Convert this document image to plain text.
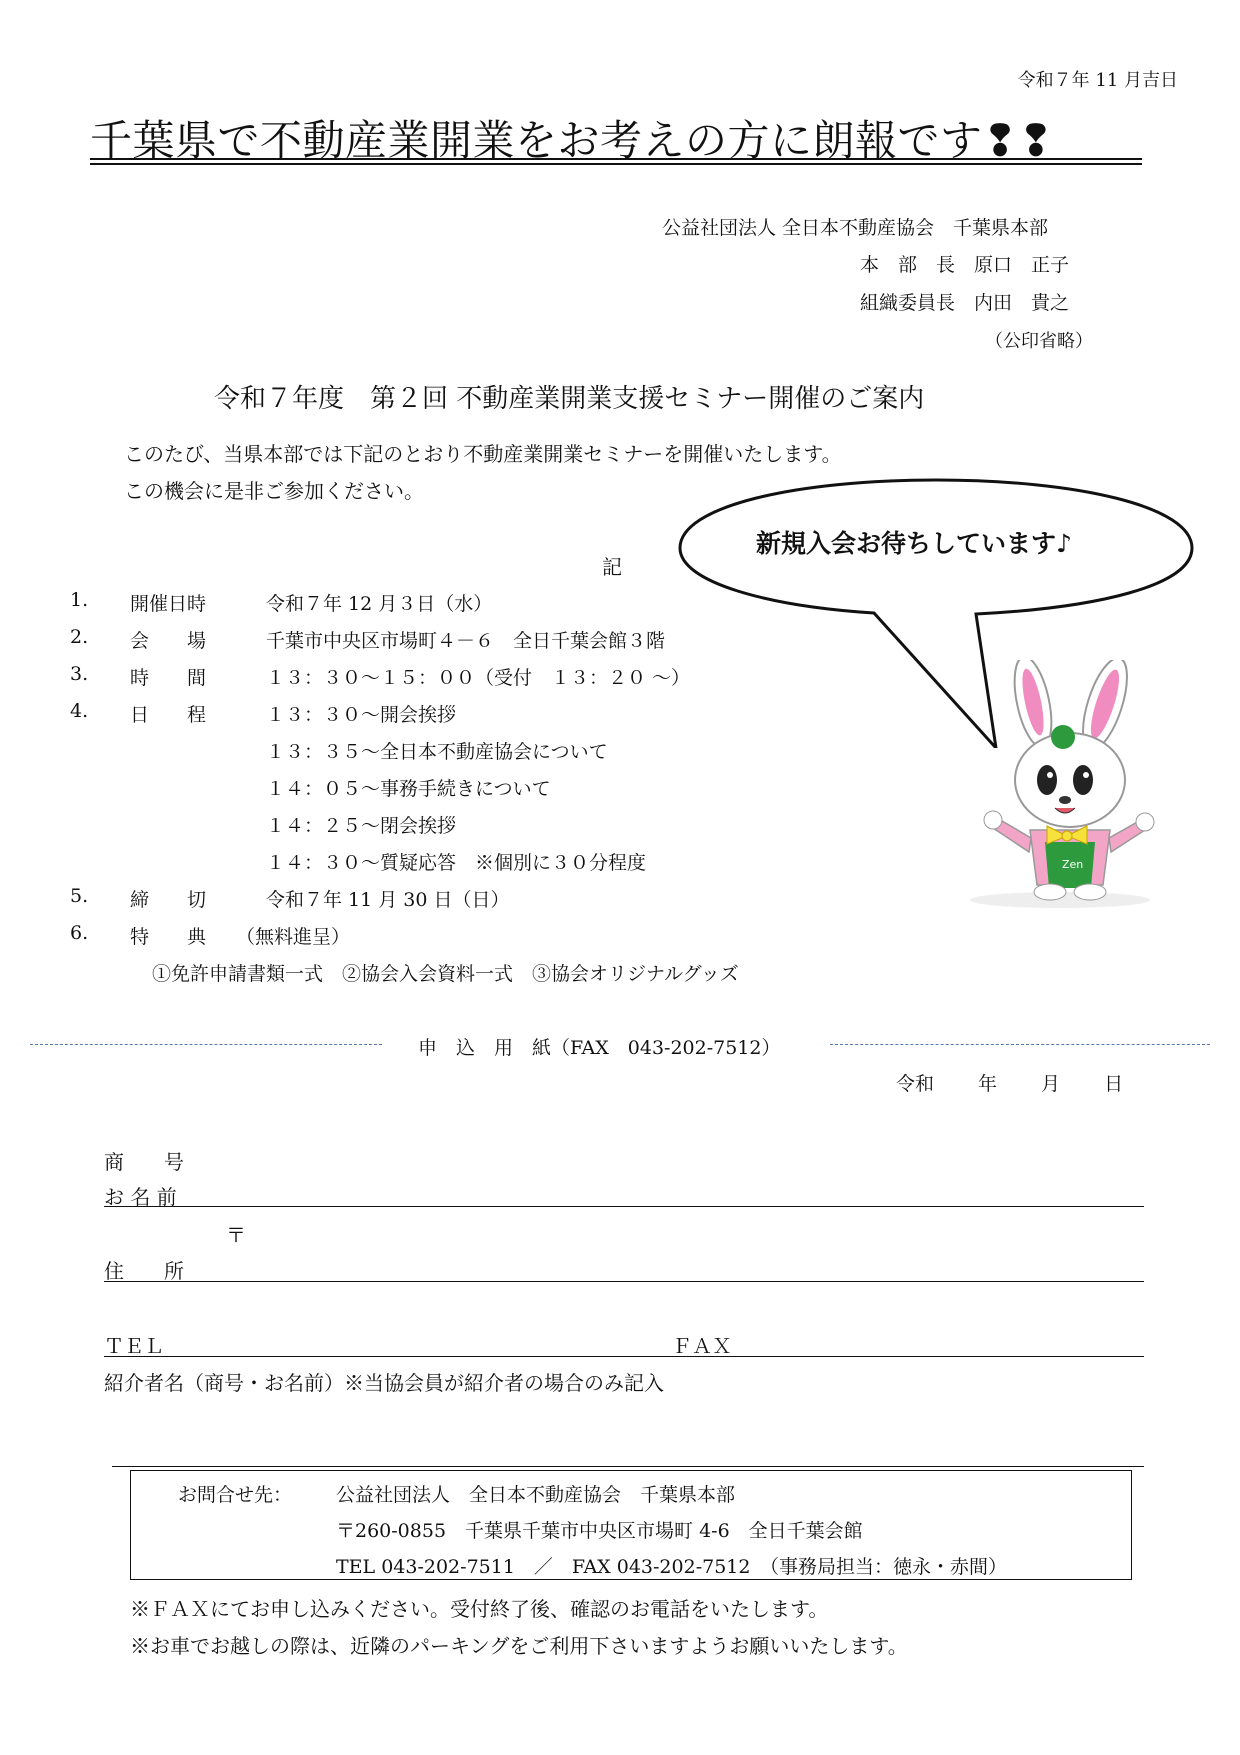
令和７年 11 月吉日
千葉県で不動産業開業をお考えの方に朗報です❢❢
公益社団法人 全日本不動産協会　千葉県本部
本　部　長　原口　正子
組織委員長　内田　貴之
（公印省略）
令和７年度　第２回 不動産業開業支援セミナー開催のご案内
このたび、当県本部では下記のとおり不動産業開業セミナーを開催いたします。
この機会に是非ご参加ください。
記
新規入会お待ちしています♪
Zen
1. 開催日時	令和７年 12 月３日（水）
2. 会　　場	千葉市中央区市場町４－６　全日千葉会館３階
3. 時　　間	１３：３０～１５：００（受付　１３：２０ ～）
4. 日　　程	１３：３０～開会挨拶
１３：３５～全日本不動産協会について
１４：０５～事務手続きについて
１４：２５～閉会挨拶
１４：３０～質疑応答　※個別に３０分程度
5. 締　　切	令和７年 11 月 30 日（日）
6. 特　　典 （無料進呈）
①免許申請書類一式　②協会入会資料一式　③協会オリジナルグッズ
申　込　用　紙（FAX　043-202-7512）
令和　　 年　　 月　　 日
商　　号
お 名 前
〒
住　　所
ＴＥＬ	ＦＡＸ
紹介者名（商号・お名前）※当協会員が紹介者の場合のみ記入
お問合せ先： 公益社団法人　全日本不動産協会　千葉県本部
〒260-0855　千葉県千葉市中央区市場町 4-6　全日千葉会館
TEL 043-202-7511　／　FAX 043-202-7512　（事務局担当：徳永・赤間）
※ＦＡＸにてお申し込みください。受付終了後、確認のお電話をいたします。
※お車でお越しの際は、近隣のパーキングをご利用下さいますようお願いいたします。
